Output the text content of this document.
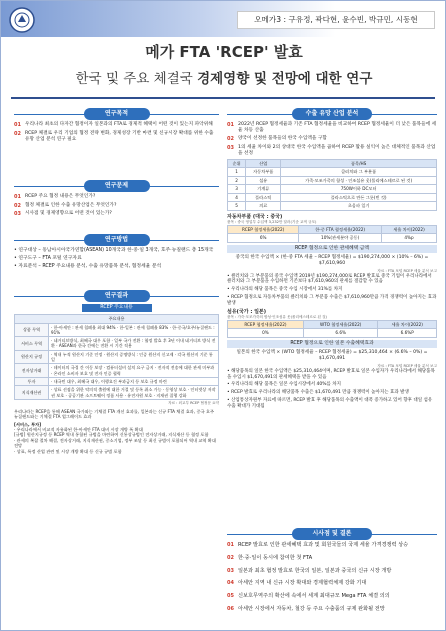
오메가3 : 구유정, 곽다현, 윤수빈, 박규민, 시동현
메가 FTA 'RCEP' 발효
한국 및 주요 체결국 경제영향 및 전망에 대한 연구
01 우리나라 최초의 다자간 협정이자 일본과의 FTA로 경제적 혜택이 어떤 것이 있는지 파악위해
02 RCEP 체결로 우리 기업의 협정 전략 변화, 경제성장 기반 마련 및 신규시장 확대를 위한 수출 유망 산업 분석 연구 필요
01 RCEP 주요 협정 내용은 무엇인가?
02 협정 체결로 인한 수출 유망산업은 무엇인가?
03 시사점 및 경제영향으로 어떤 것이 있는가?
• 연구대상 – 동남아시아국가연합(ASEAN) 10개국과 한·중·일 3개국, 호주·뉴질랜드 총 15개국
• 연구도구 – FTA 포털 연구자료
• 자료분석 – RCEP 주요내용 분석, 수출 유망품목 분석, 협정세율 분석
RCEP 주요내용
주요내용	
상품 무역	· 한-아세안 : 관세 철폐율 최대 94% · 한-일본 : 관세 철폐율 83% · 한-중국/호주/뉴질랜드 : 91%
서비스 무역	· 네거티브방식, 최혜국 대우 포함 · 일부 국가 전환 : 협정 발효 후 3년 이내 네거티브 방식 전환 · ASEAN과 한국 간에는 전환 시 기간 적용
원산지 규정	· 역내 누적 원산지 기준 인정 · 원산지 증명방식 : 인증 원산지 신고제 · 각국 원산지 기준 통일
전자상거래	· 데이터의 국경 간 이동 보장 · 컴퓨터설비 설치 요구 금지 · 전자적 전송에 대한 관세 미부과 · 온라인 소비자 보호 및 전자 인증 협력
투자	· 내국민 대우, 최혜국 대우, 이행요건 부과금지 등 보호 규정 마련
지식재산권	· 상표 선점을 위한 악의적 출원에 대한 거절 및 등록 취소 가능 · 동영상 보호 · 인터넷상 저작권 보호 · 공공기관 소프트웨어 정품 사용 · 유전자원 보호 · 지재권 집행 강화
자료 : 외교부 RCEP 협정문 요약
우리나라는 RCEP을 통해 ASEAN 국가와는 기체결 FTA 개선 효과를, 일본과는 신규 FTA 체결 효과, 중국 호주 뉴질랜드와는 기체결 FTA 업그레이드 효과
[서비스, 투자]
· 우리나라에서 비교적 자유화된 한-아세안 FTA 대비 시장 개방 폭 확대
[규범] 원산지규정 등 RCEP 역내 통합된 규범을 마련하여 신통상규범인 전자상거래, 지식재산 등 협정 포함
· 관세의 복잡 절차 해결, 전자상거래, 지식재산권, 중소기업, 정부 조달 등 최신 규범이 포함되어 역내 교역 확대 전망
· 상표, 특정 산업 관련 및 시장 개방 확대 등 신규 규범 포함
01 2022년 RCEP 협정세율과 기존 FTA 협정세율을 비교하여 RCEP 협정세율이 더 낮은 품목들에 세율 차등 산출
02 양국이 선정한 품목들의 한국 수입액을 구함
03 1의 세율 차이와 2의 상대국 한국 수입액을 곱하여 RCEP 활용 실익이 높은 대체적인 품목과 산업을 선정
순위	산업	품목/HS
1	자동차부품	클러치와 그 부분품
2	섬유	가죽·모조가죽의 합성 · 인조섬유 옷(폴리에스테르로 된 것)
3	기계류	750W이하 DC모터
4	플라스틱	플라스틱으로 만든 그릇(빈 것)
5	의료	초음파 일기
자동차부품 (대국 : 중국)
품목 : 중국 영업부 수입액 3,232만 달러(기준 교역 규모)
RCEP 협정세율(2022)	한-중 FTA 협정세율(2022)	세율 차이(2022)
6%	10%(관세분야 공동)	4%p
RCEP 협정으로 인한 관세혜택 금액
중국의 한국 수입액 × (한-중 FTA 세율 – RCEP 협정세율) = $190,274,000 × (10% – 6%) = $7,610,960
자료 : FTA 포털 RCEP 세율 분석 보고
• 클러치와 그 부분품의 중국 수입액 2019년 $190,274,000로 RCEP 발효로 중국 기업이 우리나라에서 클러치와 그 부분품을 수입하면 기존보다 $7,610,960의 관세를 절감할 수 있음
• 우리나라의 해당 품목은 중국 수입 시장에서 31%를 차지
• RCEP 협정으로 자동차부품의 클러치와 그 부분품 수출은 $7,610,960만큼 가격 경쟁력이 높아지는 효과 발생
섬유(국가 : 일본)
품목 : 가죽·모조가죽의 합성·인조섬유 옷(폴리에스테르로 된 것)
RCEP 협정세율(2022)	WTO 협정세율(2022)	세율 차이(2022)
0%	6.6%	6.6%P
RCEP 협정으로 인한 일본 수출혜택효과
일본의 한국 수입액 × (WTO 협정세율 – RCEP 협정세율) = $25,310,464 × (6.6% – 0%) = $1,670,491
자료 : FTA 포털 RCEP 세율 분석 보고
• 해당품목의 일본 한국 수입액은 $25,310,464이며, RCEP 발효로 일본 수입자가 우리나라에서 해당품목을 수입시 $1,670,491의 관세혜택을 받을 수 있음
• 우리나라의 해당 품목은 일본 수입시장에서 40%를 차지
• RCEP 발효로 우리나라의 해당품목 수출은 $1,670,491 만큼 경쟁력이 높아지는 효과 발생
• 산업통상자원부 자료에 따르면, RCEP 발효 후 해당품목의 수출액이 대폭 증가하고 있어 향후 대일 섬유 수출 확대가 기대됨
01 RCEP 발효로 인한 관세혜택 효과 및 회원국들의 국제 세율 가격경쟁력 상승
02 한·중·일이 동시에 참여한 첫 FTA
03 일본과 최초 협정 발효로 한국의 일본, 일본과 중국의 신규 시장 개방
04 아세안 지역 내 신규 시장 확대와 경제협력체제 강화 기대
05 신보호무역주의 확산에 속에서 세계 최대규모 Mega FTA 체결 의의
06 아세안 시장에서 자동차, 철강 등 주요 수출품의 규제 완화될 전망
